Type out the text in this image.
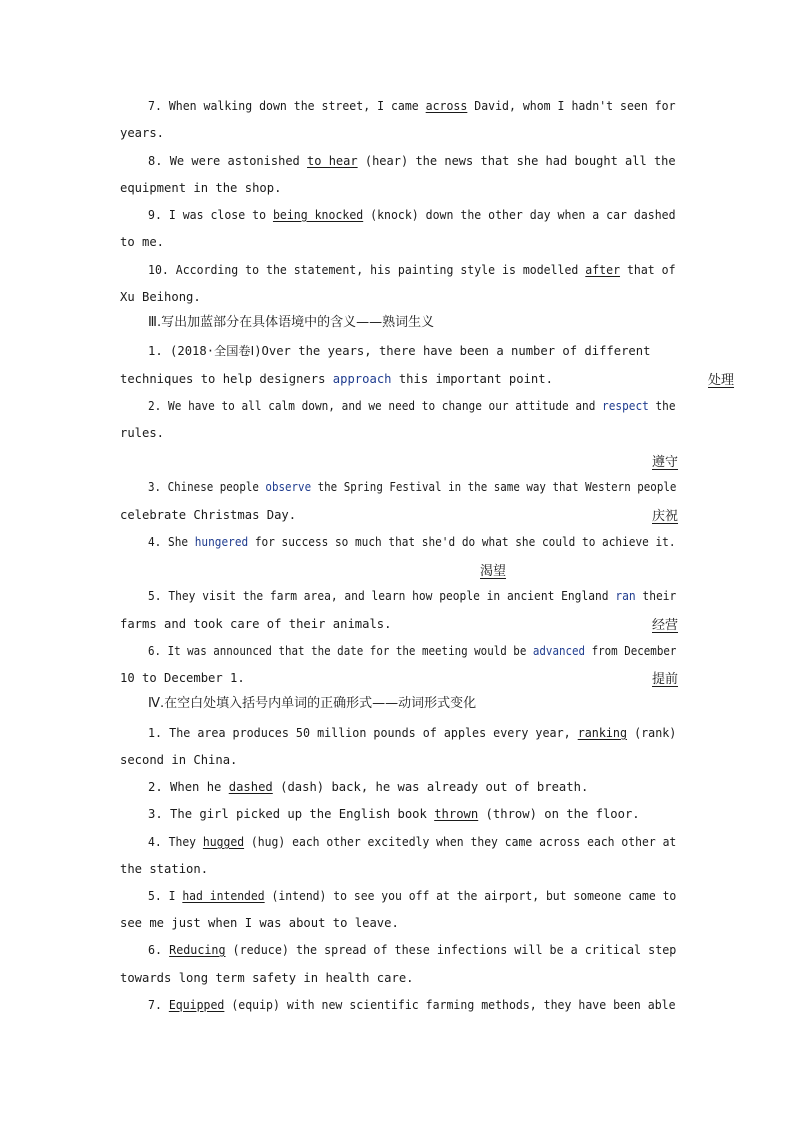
7. When walking down the street, I came across David, whom I hadn't seen for
years.
8. We were astonished to hear (hear) the news that she had bought all the
equipment in the shop.
9. I was close to being knocked (knock) down the other day when a car dashed
to me.
10. According to the statement, his painting style is modelled after that of
Xu Beihong.
Ⅲ.写出加蓝部分在具体语境中的含义——熟词生义
1. (2018·全国卷Ⅰ)Over the years, there have been a number of different
techniques to help designers approach this important point.	处理
2. We have to all calm down, and we need to change our attitude and respect the
rules.
遵守
3. Chinese people observe the Spring Festival in the same way that Western people
celebrate Christmas Day.	庆祝
4. She hungered for success so much that she'd do what she could to achieve it.
渴望
5. They visit the farm area, and learn how people in ancient England ran their
farms and took care of their animals.	经营
6. It was announced that the date for the meeting would be advanced from December
10 to December 1.	提前
Ⅳ.在空白处填入括号内单词的正确形式——动词形式变化
1. The area produces 50 million pounds of apples every year, ranking (rank)
second in China.
2. When he dashed (dash) back, he was already out of breath.
3. The girl picked up the English book thrown (throw) on the floor.
4. They hugged (hug) each other excitedly when they came across each other at
the station.
5. I had intended (intend) to see you off at the airport, but someone came to
see me just when I was about to leave.
6. Reducing (reduce) the spread of these infections will be a critical step
towards long term safety in health care.
7. Equipped (equip) with new scientific farming methods, they have been able
